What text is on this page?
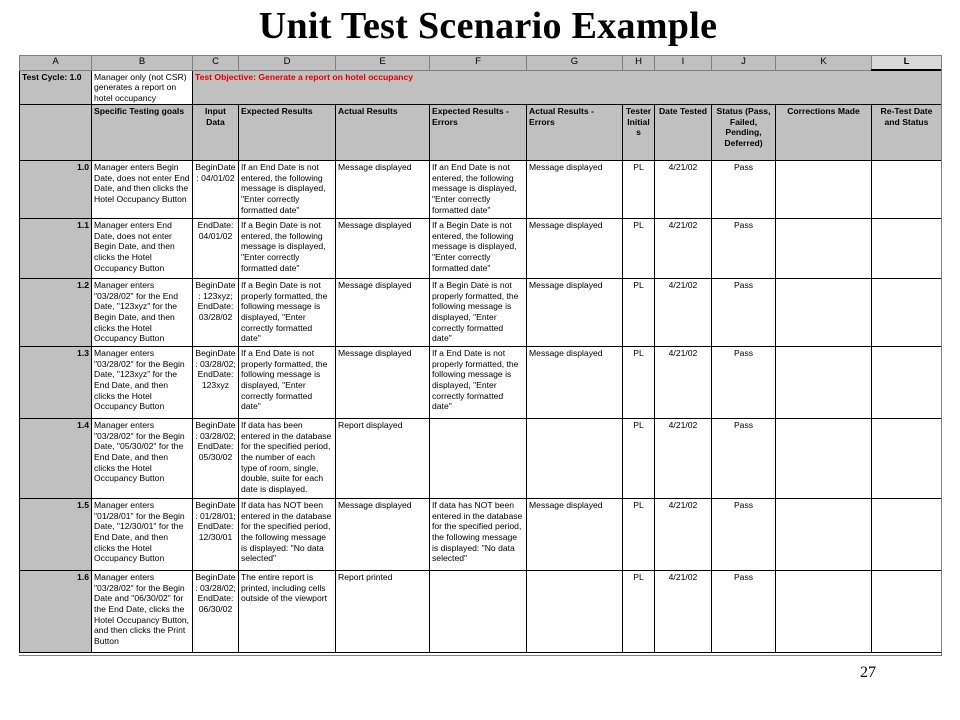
Unit Test Scenario Example
A	B	C	D	E	F	G	H	I	J	K	L
Test Cycle: 1.0	Manager only (not CSR) generates a report on hotel occupancy	Test Objective: Generate a report on hotel occupancy									
	Specific Testing goals	Input Data	Expected Results	Actual Results	Expected Results - Errors	Actual Results - Errors	Tester Initials	Date Tested	Status (Pass, Failed, Pending, Deferred)	Corrections Made	Re-Test Date and Status
1.0	Manager enters Begin Date, does not enter End Date, and then clicks the Hotel Occupancy Button	BeginDate: 04/01/02	If an End Date is not entered, the following message is displayed, "Enter correctly formatted date"	Message displayed	If an End Date is not entered, the following message is displayed, "Enter correctly formatted date"	Message displayed	PL	4/21/02	Pass		
1.1	Manager enters End Date, does not enter Begin Date, and then clicks the Hotel Occupancy Button	EndDate: 04/01/02	If a Begin Date is not entered, the following message is displayed, "Enter correctly formatted date"	Message displayed	If a Begin Date is not entered, the following message is displayed, "Enter correctly formatted date"	Message displayed	PL	4/21/02	Pass		
1.2	Manager enters "03/28/02" for the End Date, "123xyz" for the Begin Date, and then clicks the Hotel Occupancy Button	BeginDate: 123xyz; EndDate: 03/28/02	If a Begin Date is not properly formatted, the following message is displayed, "Enter correctly formatted date"	Message displayed	If a Begin Date is not properly formatted, the following message is displayed, "Enter correctly formatted date"	Message displayed	PL	4/21/02	Pass		
1.3	Manager enters "03/28/02" for the Begin Date, "123xyz" for the End Date, and then clicks the Hotel Occupancy Button	BeginDate: 03/28/02; EndDate: 123xyz	If a End Date is not properly formatted, the following message is displayed, "Enter correctly formatted date"	Message displayed	If a End Date is not properly formatted, the following message is displayed, "Enter correctly formatted date"	Message displayed	PL	4/21/02	Pass		
1.4	Manager enters "03/28/02" for the Begin Date, "05/30/02" for the End Date, and then clicks the Hotel Occupancy Button	BeginDate: 03/28/02; EndDate: 05/30/02	If data has been entered in the database for the specified period, the number of each type of room, single, double, suite for each date is displayed.	Report displayed			PL	4/21/02	Pass		
1.5	Manager enters "01/28/01" for the Begin Date, "12/30/01" for the End Date, and then clicks the Hotel Occupancy Button	BeginDate: 01/28/01; EndDate: 12/30/01	If data has NOT been entered in the database for the specified period, the following message is displayed: "No data selected"	Message displayed	If data has NOT been entered in the database for the specified period, the following message is displayed: "No data selected"	Message displayed	PL	4/21/02	Pass		
1.6	Manager enters "03/28/02" for the Begin Date and "06/30/02" for the End Date, clicks the Hotel Occupancy Button, and then clicks the Print Button	BeginDate: 03/28/02; EndDate: 06/30/02	The entire report is printed, including cells outside of the viewport	Report printed			PL	4/21/02	Pass		
27
